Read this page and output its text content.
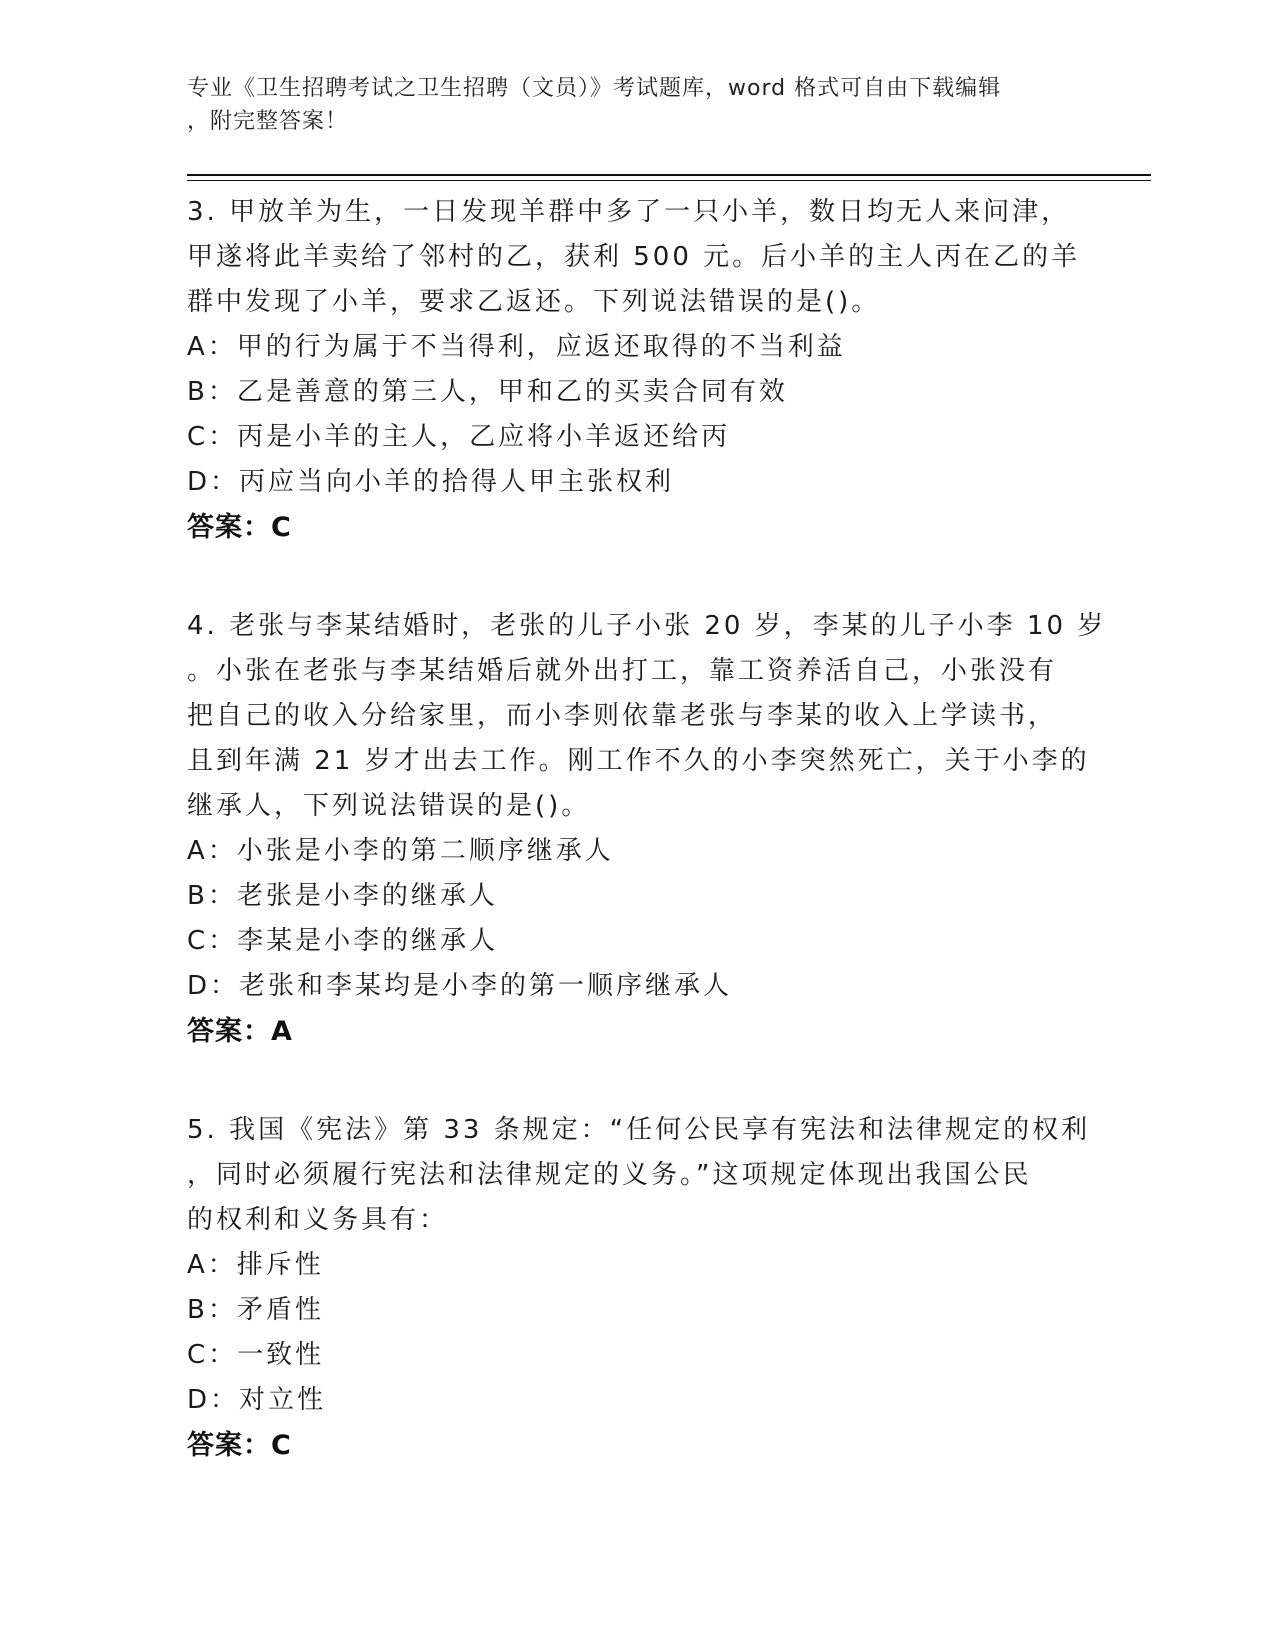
专业《卫生招聘考试之卫生招聘（文员）》考试题库，word 格式可自由下载编辑
，附完整答案！
3. 甲放羊为生，一日发现羊群中多了一只小羊，数日均无人来问津，
甲遂将此羊卖给了邻村的乙，获利 500 元。后小羊的主人丙在乙的羊
群中发现了小羊，要求乙返还。下列说法错误的是()。
A：甲的行为属于不当得利，应返还取得的不当利益
B：乙是善意的第三人，甲和乙的买卖合同有效
C：丙是小羊的主人，乙应将小羊返还给丙
D：丙应当向小羊的拾得人甲主张权利
答案：C
4. 老张与李某结婚时，老张的儿子小张 20 岁，李某的儿子小李 10 岁
。小张在老张与李某结婚后就外出打工，靠工资养活自己，小张没有
把自己的收入分给家里，而小李则依靠老张与李某的收入上学读书，
且到年满 21 岁才出去工作。刚工作不久的小李突然死亡，关于小李的
继承人，下列说法错误的是()。
A：小张是小李的第二顺序继承人
B：老张是小李的继承人
C：李某是小李的继承人
D：老张和李某均是小李的第一顺序继承人
答案：A
5. 我国《宪法》第 33 条规定：“任何公民享有宪法和法律规定的权利
，同时必须履行宪法和法律规定的义务。”这项规定体现出我国公民
的权利和义务具有：
A：排斥性
B：矛盾性
C：一致性
D：对立性
答案：C
